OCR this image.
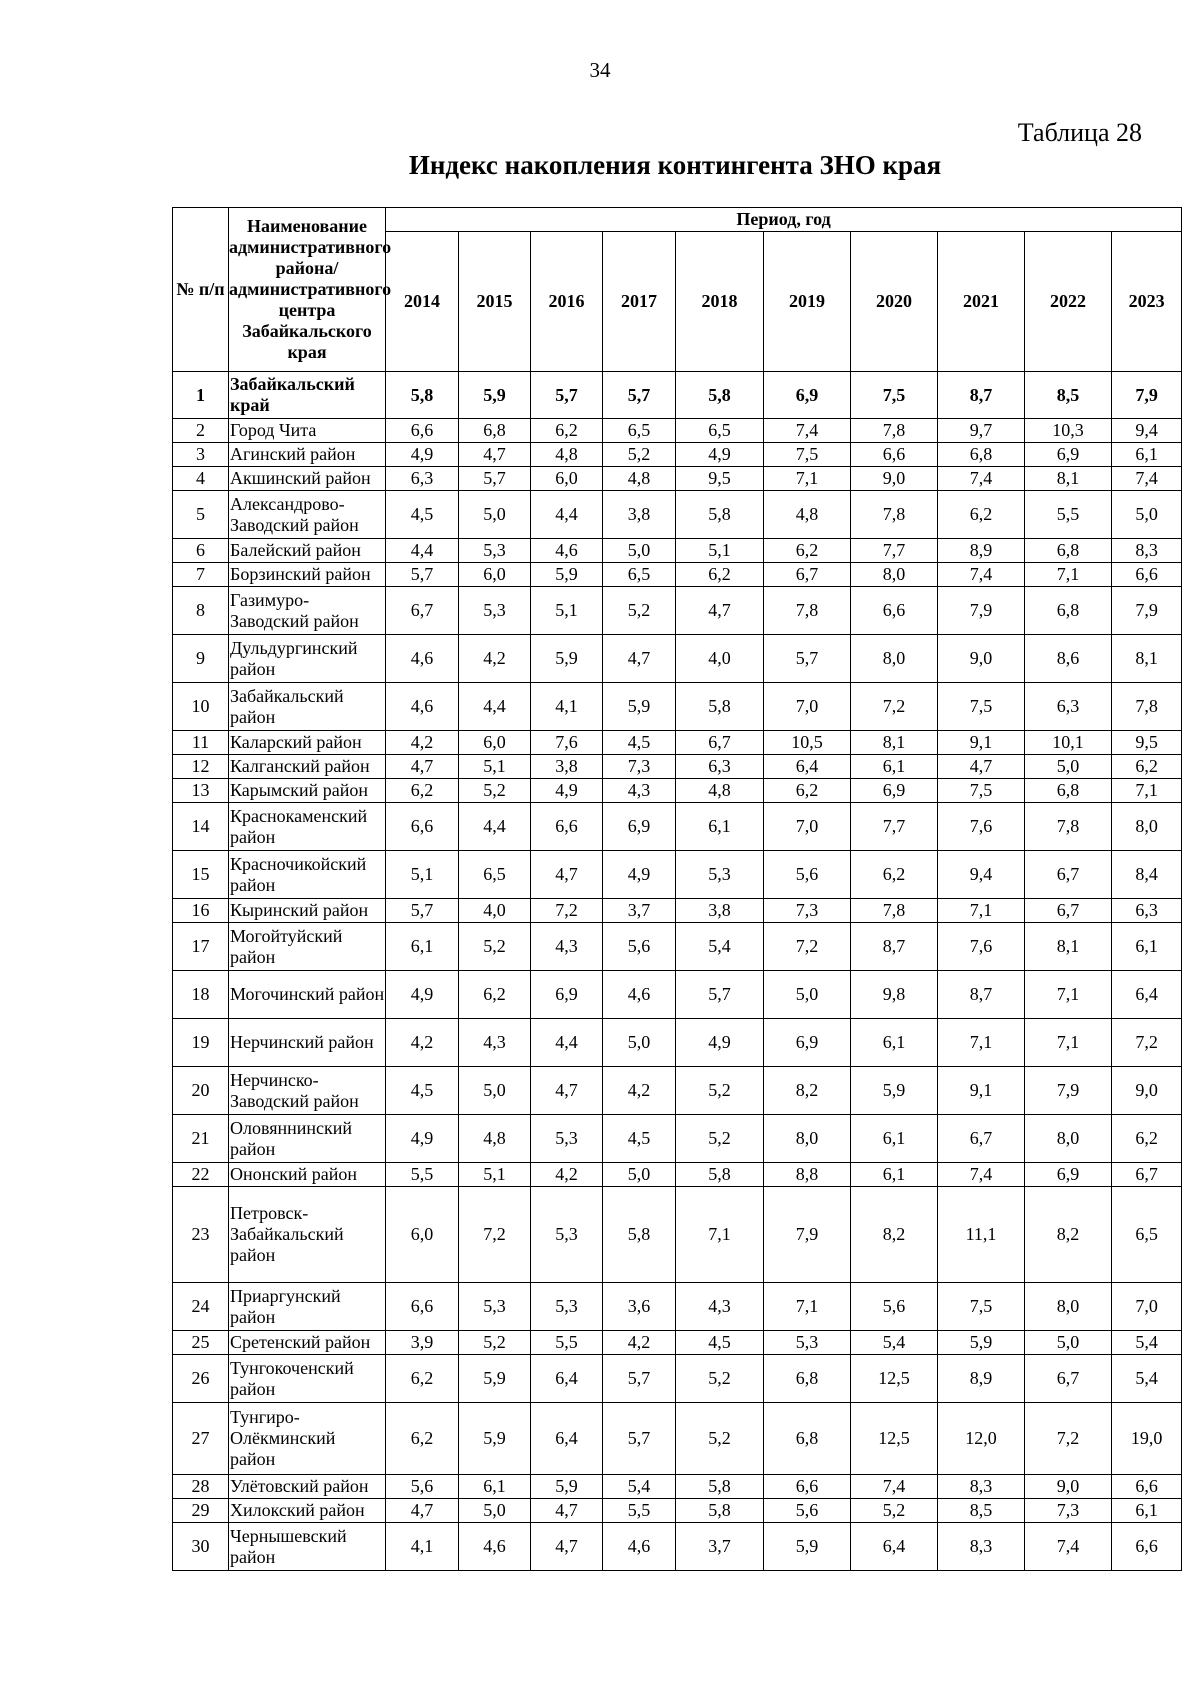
34
Таблица 28
Индекс накопления контингента ЗНО края
№ п/п	Наименование административного района/ административного центра Забайкальского края	Период, год									
		2014	2015	2016	2017	2018	2019	2020	2021	2022	2023
1	Забайкальский край	5,8	5,9	5,7	5,7	5,8	6,9	7,5	8,7	8,5	7,9
2	Город Чита	6,6	6,8	6,2	6,5	6,5	7,4	7,8	9,7	10,3	9,4
3	Агинский район	4,9	4,7	4,8	5,2	4,9	7,5	6,6	6,8	6,9	6,1
4	Акшинский район	6,3	5,7	6,0	4,8	9,5	7,1	9,0	7,4	8,1	7,4
5	Александрово-Заводский район	4,5	5,0	4,4	3,8	5,8	4,8	7,8	6,2	5,5	5,0
6	Балейский район	4,4	5,3	4,6	5,0	5,1	6,2	7,7	8,9	6,8	8,3
7	Борзинский район	5,7	6,0	5,9	6,5	6,2	6,7	8,0	7,4	7,1	6,6
8	Газимуро-Заводский район	6,7	5,3	5,1	5,2	4,7	7,8	6,6	7,9	6,8	7,9
9	Дульдургинский район	4,6	4,2	5,9	4,7	4,0	5,7	8,0	9,0	8,6	8,1
10	Забайкальский район	4,6	4,4	4,1	5,9	5,8	7,0	7,2	7,5	6,3	7,8
11	Каларский район	4,2	6,0	7,6	4,5	6,7	10,5	8,1	9,1	10,1	9,5
12	Калганский район	4,7	5,1	3,8	7,3	6,3	6,4	6,1	4,7	5,0	6,2
13	Карымский район	6,2	5,2	4,9	4,3	4,8	6,2	6,9	7,5	6,8	7,1
14	Краснокаменский район	6,6	4,4	6,6	6,9	6,1	7,0	7,7	7,6	7,8	8,0
15	Красночикойский район	5,1	6,5	4,7	4,9	5,3	5,6	6,2	9,4	6,7	8,4
16	Кыринский район	5,7	4,0	7,2	3,7	3,8	7,3	7,8	7,1	6,7	6,3
17	Могойтуйский район	6,1	5,2	4,3	5,6	5,4	7,2	8,7	7,6	8,1	6,1
18	Могочинский район	4,9	6,2	6,9	4,6	5,7	5,0	9,8	8,7	7,1	6,4
19	Нерчинский район	4,2	4,3	4,4	5,0	4,9	6,9	6,1	7,1	7,1	7,2
20	Нерчинско-Заводский район	4,5	5,0	4,7	4,2	5,2	8,2	5,9	9,1	7,9	9,0
21	Оловяннинский район	4,9	4,8	5,3	4,5	5,2	8,0	6,1	6,7	8,0	6,2
22	Ононский район	5,5	5,1	4,2	5,0	5,8	8,8	6,1	7,4	6,9	6,7
23	Петровск-Забайкальский район	6,0	7,2	5,3	5,8	7,1	7,9	8,2	11,1	8,2	6,5
24	Приаргунский район	6,6	5,3	5,3	3,6	4,3	7,1	5,6	7,5	8,0	7,0
25	Сретенский район	3,9	5,2	5,5	4,2	4,5	5,3	5,4	5,9	5,0	5,4
26	Тунгокоченский район	6,2	5,9	6,4	5,7	5,2	6,8	12,5	8,9	6,7	5,4
27	Тунгиро-Олёкминский район	6,2	5,9	6,4	5,7	5,2	6,8	12,5	12,0	7,2	19,0
28	Улётовский район	5,6	6,1	5,9	5,4	5,8	6,6	7,4	8,3	9,0	6,6
29	Хилокский район	4,7	5,0	4,7	5,5	5,8	5,6	5,2	8,5	7,3	6,1
30	Чернышевский район	4,1	4,6	4,7	4,6	3,7	5,9	6,4	8,3	7,4	6,6
